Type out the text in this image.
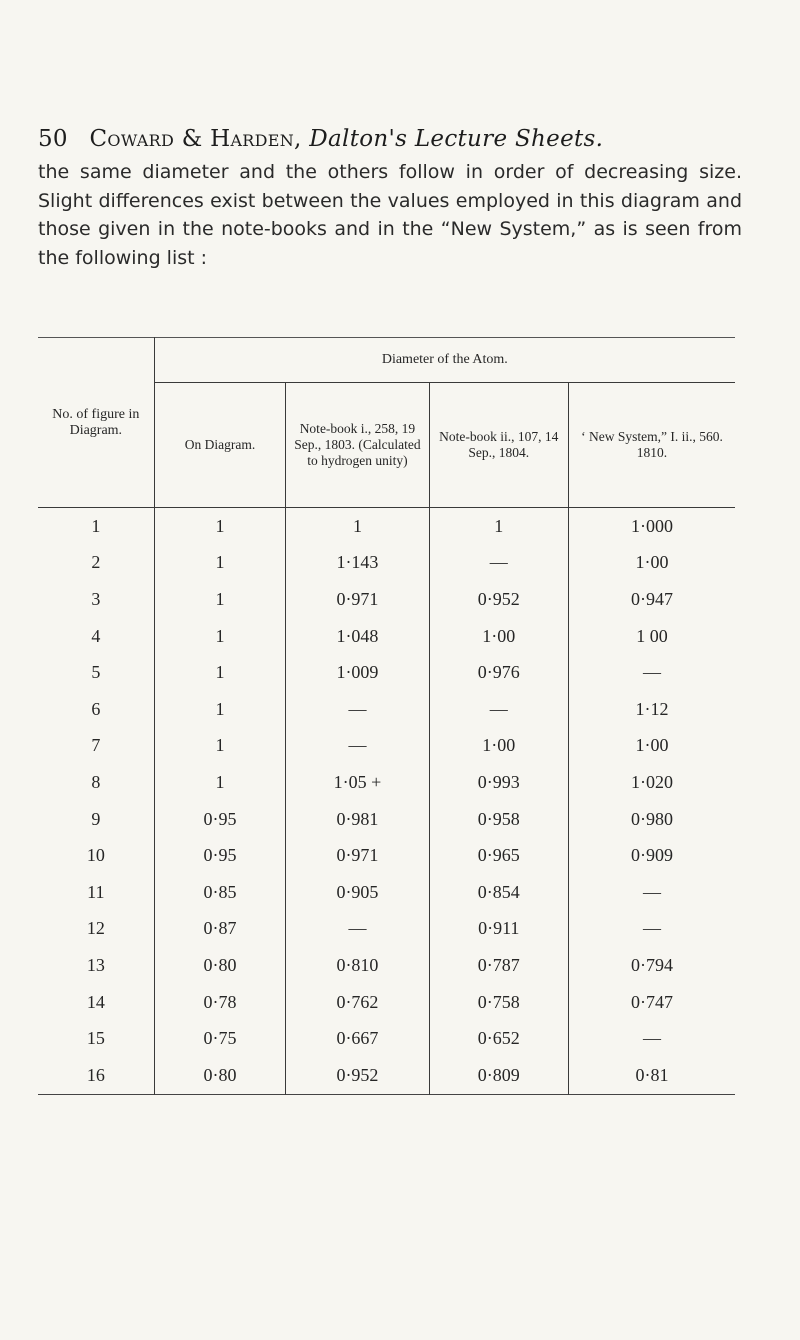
50 Coward & Harden, Dalton's Lecture Sheets.
the same diameter and the others follow in order of decreasing size. Slight differences exist between the values employed in this diagram and those given in the note-books and in the “New System,” as is seen from the following list :
No. of figure in Diagram.	Diameter of the Atom.			
	On Diagram.	Note-book i., 258, 19 Sep., 1803. (Calculated to hydrogen unity)	Note-book ii., 107, 14 Sep., 1804.	‘ New System,” I. ii., 560. 1810.
1	1	1	1	1·000
2	1	1·143	—	1·00
3	1	0·971	0·952	0·947
4	1	1·048	1·00	1 00
5	1	1·009	0·976	—
6	1	—	—	1·12
7	1	—	1·00	1·00
8	1	1·05 +	0·993	1·020
9	0·95	0·981	0·958	0·980
10	0·95	0·971	0·965	0·909
11	0·85	0·905	0·854	—
12	0·87	—	0·911	—
13	0·80	0·810	0·787	0·794
14	0·78	0·762	0·758	0·747
15	0·75	0·667	0·652	—
16	0·80	0·952	0·809	0·81
